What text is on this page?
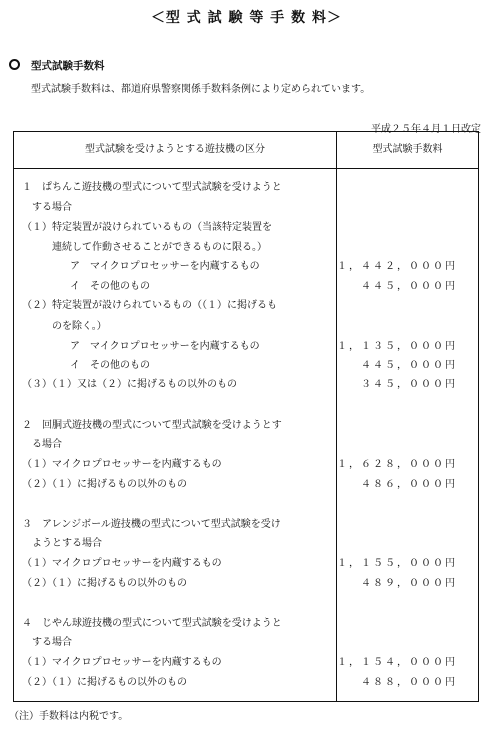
＜型 式 試 験 等 手 数 料＞
型式試験手数料
型式試験手数料は、都道府県警察関係手数料条例により定められています。
平成２５年４月１日改定
型式試験を受けようとする遊技機の区分	型式試験手数料
１　ぱちんこ遊技機の型式について型式試験を受けようと
する場合
（１）特定装置が設けられているもの（当該特定装置を
連続して作動させることができるものに限る。）
ア　マイクロプロセッサーを内蔵するもの	１，４４２，０００円
イ　その他のもの	４４５，０００円
（２）特定装置が設けられているもの（（１）に掲げるも
のを除く。）
ア　マイクロプロセッサーを内蔵するもの	１，１３５，０００円
イ　その他のもの	４４５，０００円
（３）（１）又は（２）に掲げるもの以外のもの	３４５，０００円
２　回胴式遊技機の型式について型式試験を受けようとす
る場合
（１）マイクロプロセッサーを内蔵するもの	１，６２８，０００円
（２）（１）に掲げるもの以外のもの	４８６，０００円
３　アレンジボール遊技機の型式について型式試験を受け
ようとする場合
（１）マイクロプロセッサーを内蔵するもの	１，１５５，０００円
（２）（１）に掲げるもの以外のもの	４８９，０００円
４　じやん球遊技機の型式について型式試験を受けようと
する場合
（１）マイクロプロセッサーを内蔵するもの	１，１５４，０００円
（２）（１）に掲げるもの以外のもの	４８８，０００円
（注）手数料は内税です。
